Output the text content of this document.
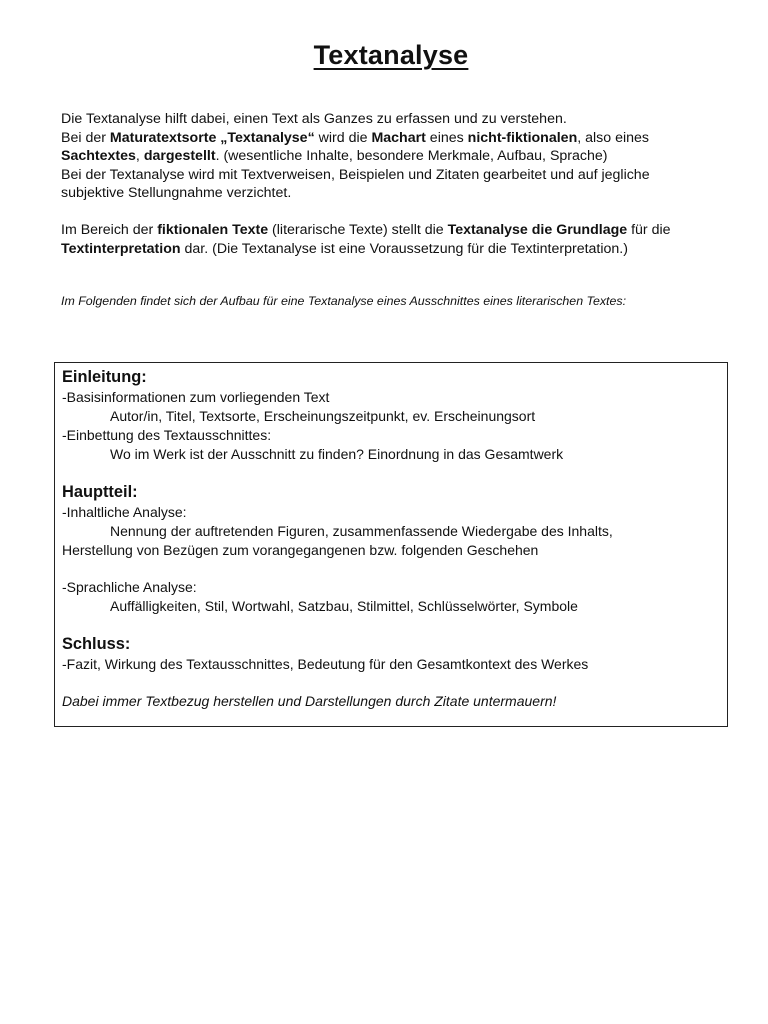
Textanalyse

Die Textanalyse hilft dabei, einen Text als Ganzes zu erfassen und zu verstehen.

Bei der Maturatextsorte „Textanalyse“ wird die Machart eines nicht-fiktionalen, also eines

Sachtextes, dargestellt. (wesentliche Inhalte, besondere Merkmale, Aufbau, Sprache)

Bei der Textanalyse wird mit Textverweisen, Beispielen und Zitaten gearbeitet und auf jegliche

subjektive Stellungnahme verzichtet.

Im Bereich der fiktionalen Texte (literarische Texte) stellt die Textanalyse die Grundlage für die

Textinterpretation dar. (Die Textanalyse ist eine Voraussetzung für die Textinterpretation.)

Im Folgenden findet sich der Aufbau für eine Textanalyse eines Ausschnittes eines literarischen Textes:

Einleitung:

-Basisinformationen zum vorliegenden Text

Autor/in, Titel, Textsorte, Erscheinungszeitpunkt, ev. Erscheinungsort

-Einbettung des Textausschnittes:

Wo im Werk ist der Ausschnitt zu finden? Einordnung in das Gesamtwerk

Hauptteil:

-Inhaltliche Analyse:

Nennung der auftretenden Figuren, zusammenfassende Wiedergabe des Inhalts,

Herstellung von Bezügen zum vorangegangenen bzw. folgenden Geschehen

-Sprachliche Analyse:

Auffälligkeiten, Stil, Wortwahl, Satzbau, Stilmittel, Schlüsselwörter, Symbole

Schluss:

-Fazit, Wirkung des Textausschnittes, Bedeutung für den Gesamtkontext des Werkes

Dabei immer Textbezug herstellen und Darstellungen durch Zitate untermauern!
